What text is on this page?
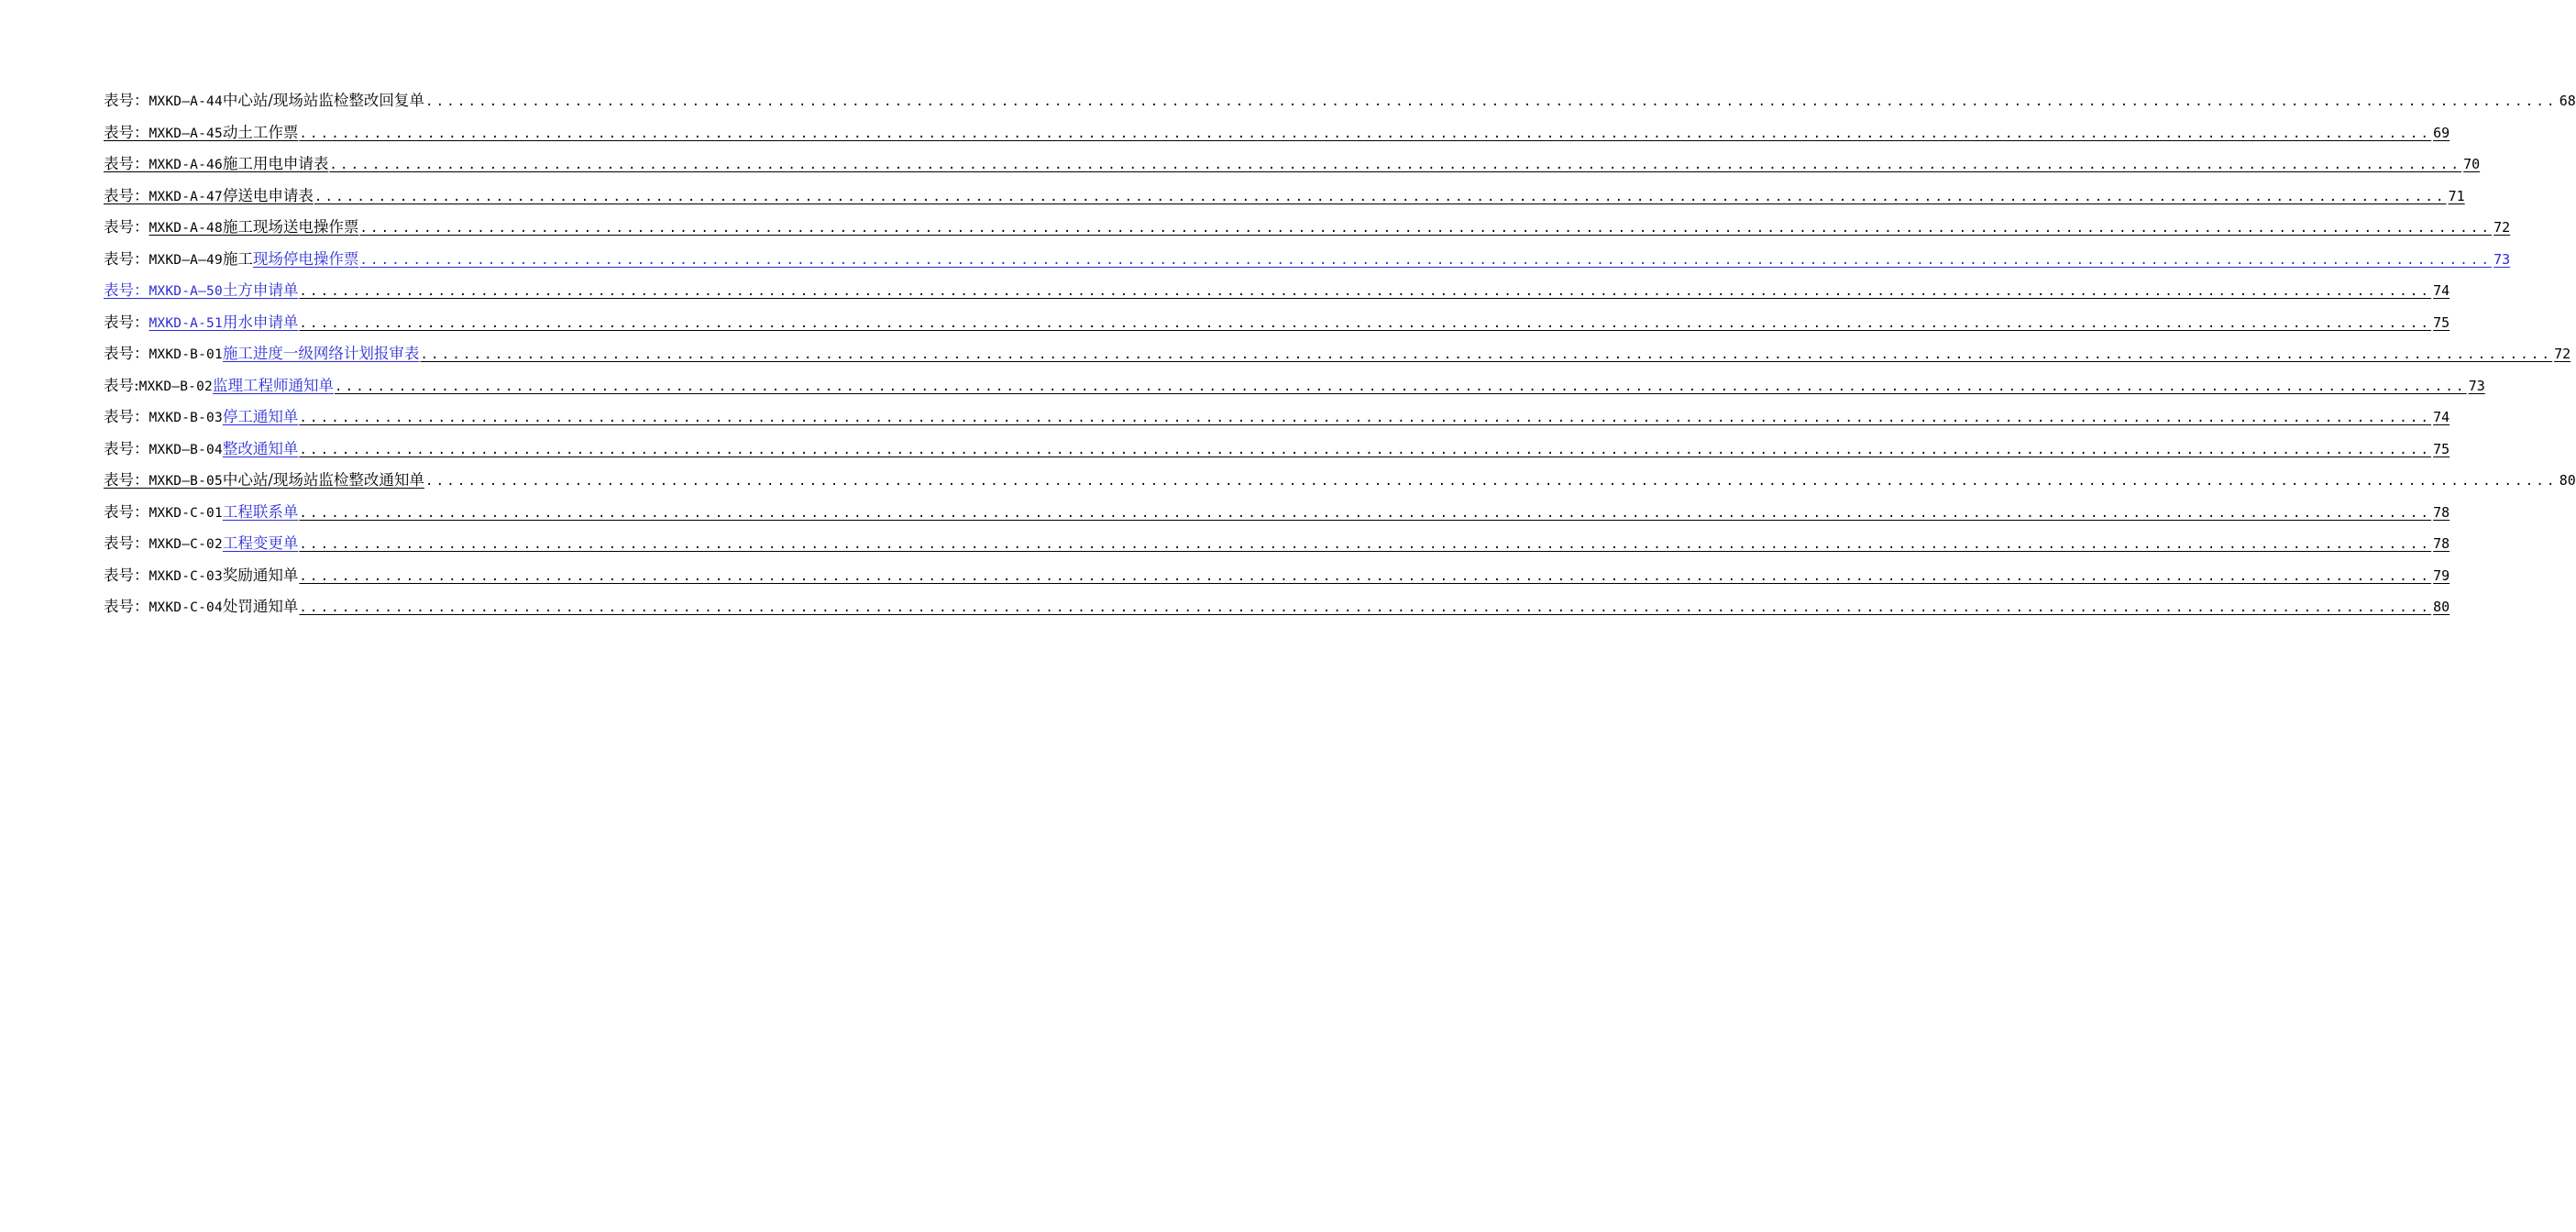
表号： MXKD—A-44 中心站/现场站监检整改回复单 ........................................................................................................................................................................................................ 68
表号： MXKD—A-45 动土工作票 ........................................................................................................................................................................................................ 69
表号： MXKD-A-46 施工用电申请表 ........................................................................................................................................................................................................ 70
表号： MXKD-A-47 停送电申请表 ........................................................................................................................................................................................................ 71
表号： MXKD-A-48 施工现场送电操作票 ........................................................................................................................................................................................................ 72
表号： MXKD—A—49 施工 现场停电操作票 ........................................................................................................................................................................................................ 73
表号： MXKD-A—50 土方申请单 ........................................................................................................................................................................................................ 74
表号： MXKD-A-51 用水申请单 ........................................................................................................................................................................................................ 75
表号： MXKD-B-01 施工进度一级网络计划报审表 ........................................................................................................................................................................................................ 72
表号: MXKD—B-02 监理工程师通知单 ........................................................................................................................................................................................................ 73
表号： MXKD-B-03 停工通知单 ........................................................................................................................................................................................................ 74
表号： MXKD—B-04 整改通知单 ........................................................................................................................................................................................................ 75
表号： MXKD—B-05 中心站/现场站监检整改通知单 ........................................................................................................................................................................................................ 80
表号： MXKD-C-01 工程联系单 ........................................................................................................................................................................................................ 78
表号： MXKD—C-02 工程变更单 ........................................................................................................................................................................................................ 78
表号： MXKD-C-03 奖励通知单 ........................................................................................................................................................................................................ 79
表号： MXKD-C-04 处罚通知单 ........................................................................................................................................................................................................ 80
